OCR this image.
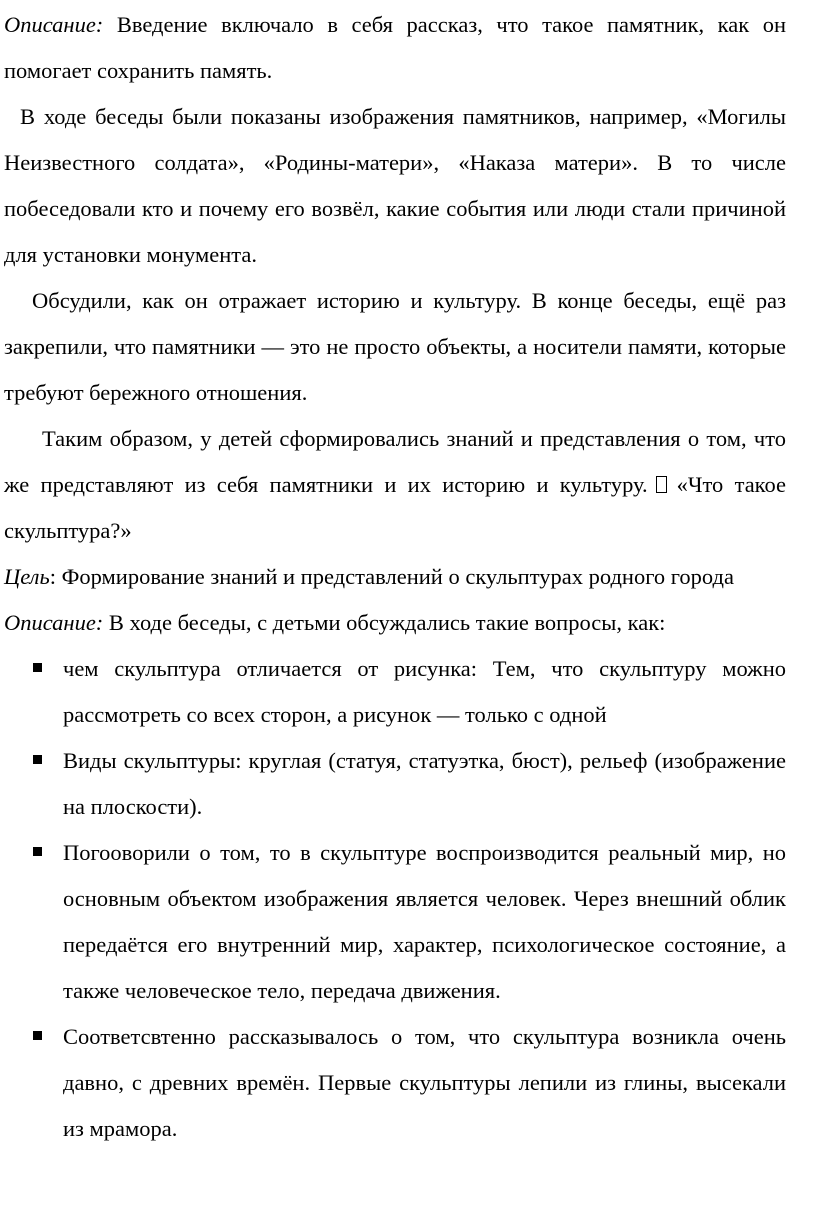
Описание: Введение включало в себя рассказ, что такое памятник, как он помогает сохранить память.

В ходе беседы были показаны изображения памятников, например, «Могилы Неизвестного солдата», «Родины-матери», «Наказа матери». В то числе побеседовали кто и почему его возвёл, какие события или люди стали причиной для установки монумента.

Обсудили, как он отражает историю и культуру. В конце беседы, ещё раз закрепили, что памятники — это не просто объекты, а носители памяти, которые требуют бережного отношения.

Таким образом, у детей сформировались знаний и представления о том, что же представляют из себя памятники и их историю и культуру. «Что такое скульптура?»

Цель: Формирование знаний и представлений о скульптурах родного города

Описание: В ходе беседы, с детьми обсуждались такие вопросы, как:

чем скульптура отличается от рисунка: Тем, что скульптуру можно рассмотреть со всех сторон, а рисунок — только с одной
Виды скульптуры: круглая (статуя, статуэтка, бюст), рельеф (изображение на плоскости).
Погооворили о том, то в скульптуре воспроизводится реальный мир, но основным объектом изображения является человек. Через внешний облик передаётся его внутренний мир, характер, психологическое состояние, а также человеческое тело, передача движения.
Соответсвтенно рассказывалось о том, что скульптура возникла очень давно, с древних времён. Первые скульптуры лепили из глины, высекали из мрамора.
